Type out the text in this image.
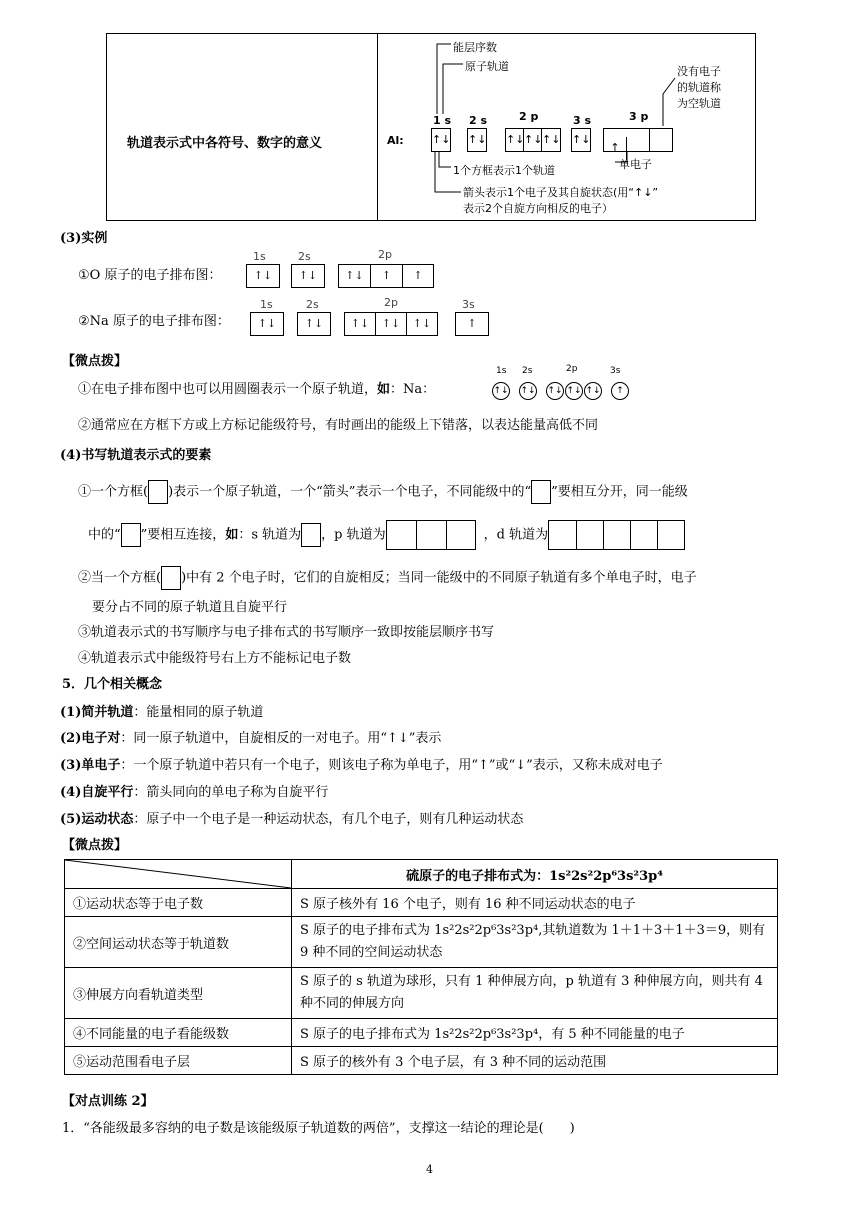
轨道表示式中各符号、数字的意义
能层序数
原子轨道	没有电子的轨道称为空轨道
Al:
1 s 2 s	2 p	3 s	3 p
↑↓ ↑↓ ↑↓↑↓↑↓ ↑↓
↑
1个方框表示1个轨道	单电子
箭头表示1个电子及其自旋状态(用“↑↓”
表示2个自旋方向相反的电子）
(3)实例
①O 原子的电子排布图：
1s	2s	2p
↑↓	↑↓	↑↓ ↑ ↑
②Na 原子的电子排布图：
1s	2s	2p	3s
↑↓	↑↓	↑↓ ↑↓ ↑↓	↑
【微点拨】
①在电子排布图中也可以用圆圈表示一个原子轨道，如：Na：
1s 2s	2p	3s
↑↓ ↑↓ ↑↓ ↑↓ ↑↓ ↑
②通常应在方框下方或上方标记能级符号，有时画出的能级上下错落，以表达能量高低不同
(4)书写轨道表示式的要素
①一个方框( )表示一个原子轨道，一个“箭头”表示一个电子，不同能级中的“ ”要相互分开，同一能级
中的“ ”要相互连接，如：s 轨道为 ，p 轨道为	，d 轨道为
②当一个方框( )中有 2 个电子时，它们的自旋相反；当同一能级中的不同原子轨道有多个单电子时，电子
要分占不同的原子轨道且自旋平行
③轨道表示式的书写顺序与电子排布式的书写顺序一致即按能层顺序书写
④轨道表示式中能级符号右上方不能标记电子数
5．几个相关概念
(1)简并轨道：能量相同的原子轨道
(2)电子对：同一原子轨道中，自旋相反的一对电子。用“↑↓”表示
(3)单电子：一个原子轨道中若只有一个电子，则该电子称为单电子，用“↑”或“↓”表示，又称未成对电子
(4)自旋平行：箭头同向的单电子称为自旋平行
(5)运动状态：原子中一个电子是一种运动状态，有几个电子，则有几种运动状态
【微点拨】
	硫原子的电子排布式为：1s²2s²2p⁶3s²3p⁴
①运动状态等于电子数	S 原子核外有 16 个电子，则有 16 种不同运动状态的电子
②空间运动状态等于轨道数	S 原子的电子排布式为 1s²2s²2p⁶3s²3p⁴,其轨道数为 1＋1＋3＋1＋3＝9，则有 9 种不同的空间运动状态
③伸展方向看轨道类型	S 原子的 s 轨道为球形，只有 1 种伸展方向，p 轨道有 3 种伸展方向，则共有 4 种不同的伸展方向
④不同能量的电子看能级数	S 原子的电子排布式为 1s²2s²2p⁶3s²3p⁴，有 5 种不同能量的电子
⑤运动范围看电子层	S 原子的核外有 3 个电子层，有 3 种不同的运动范围
【对点训练 2】
1．“各能级最多容纳的电子数是该能级原子轨道数的两倍”，支撑这一结论的理论是(　　)
4
